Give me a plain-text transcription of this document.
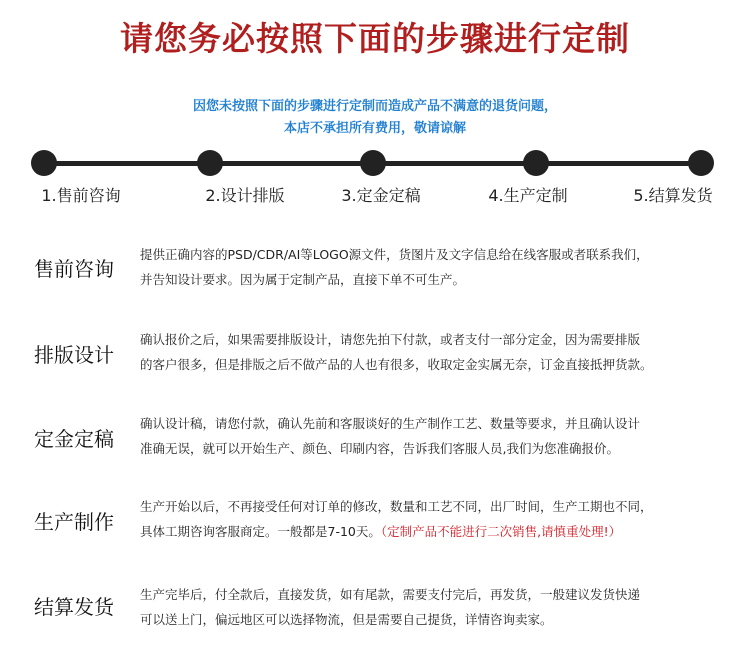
请您务必按照下面的步骤进行定制
因您未按照下面的步骤进行定制而造成产品不满意的退货问题，
本店不承担所有费用，敬请谅解
1.售前咨询	2.设计排版	3.定金定稿	4.生产定制	5.结算发货
售前咨询
提供正确内容的PSD/CDR/AI等LOGO源文件，货图片及文字信息给在线客服或者联系我们，
并告知设计要求。因为属于定制产品，直接下单不可生产。
排版设计
确认报价之后，如果需要排版设计，请您先拍下付款，或者支付一部分定金，因为需要排版
的客户很多，但是排版之后不做产品的人也有很多，收取定金实属无奈，订金直接抵押货款。
定金定稿
确认设计稿，请您付款，确认先前和客服谈好的生产制作工艺、数量等要求，并且确认设计
准确无误，就可以开始生产、颜色、印刷内容，告诉我们客服人员,我们为您准确报价。
生产制作
生产开始以后，不再接受任何对订单的修改，数量和工艺不同，出厂时间，生产工期也不同，
具体工期咨询客服商定。一般都是7-10天。（定制产品不能进行二次销售,请慎重处理!）
结算发货
生产完毕后，付全款后，直接发货，如有尾款，需要支付完后，再发货，一般建议发货快递
可以送上门，偏远地区可以选择物流，但是需要自己提货，详情咨询卖家。
